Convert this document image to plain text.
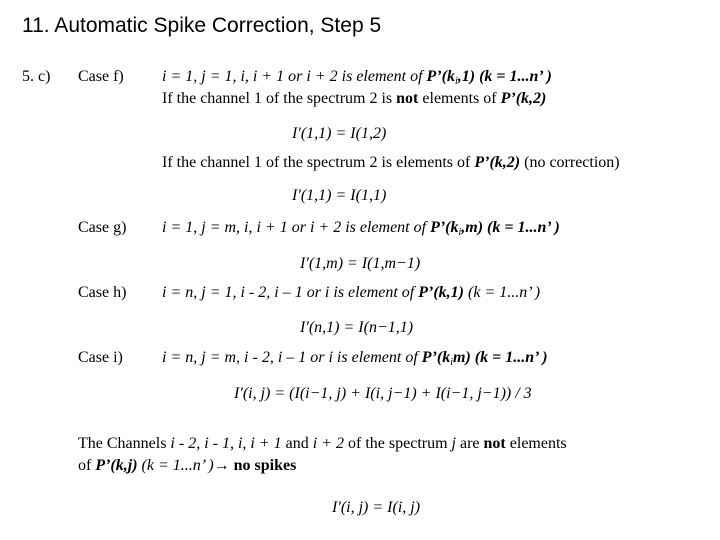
11. Automatic Spike Correction, Step 5
5. c) Case f) i = 1, j = 1, i, i + 1 or i + 2 is element of $P’(k_i,1) (k = 1...n$’ )
If the channel 1 of the spectrum 2 is not elements of P’(k,2)
I′(1,1) = I(1,2)
If the channel 1 of the spectrum 2 is elements of P’(k,2) (no correction)
I′(1,1) = I(1,1)
Case g) i = 1, j = m, i, i + 1 or i + 2 is element of $P’(k_i,m) (k = 1...n$’ )
I′(1,m) = I(1,m−1)
Case h) i = n, j = 1, i - 2, i – 1 or i is element of P’(k,1) (k = 1...n’ )
I′(n,1) = I(n−1,1)
Case i) i = n, j = m, i - 2, i – 1 or i is element of $P’(k_im) (k = 1...n$’ )
I′(i, j) = (I(i−1, j) + I(i, j−1) + I(i−1, j−1)) / 3
The Channels i - 2, i - 1, i, i + 1 and i + 2 of the spectrum j are not elements
of P’(k,j) (k = 1...n’ )→ no spikes
I′(i, j) = I(i, j)
